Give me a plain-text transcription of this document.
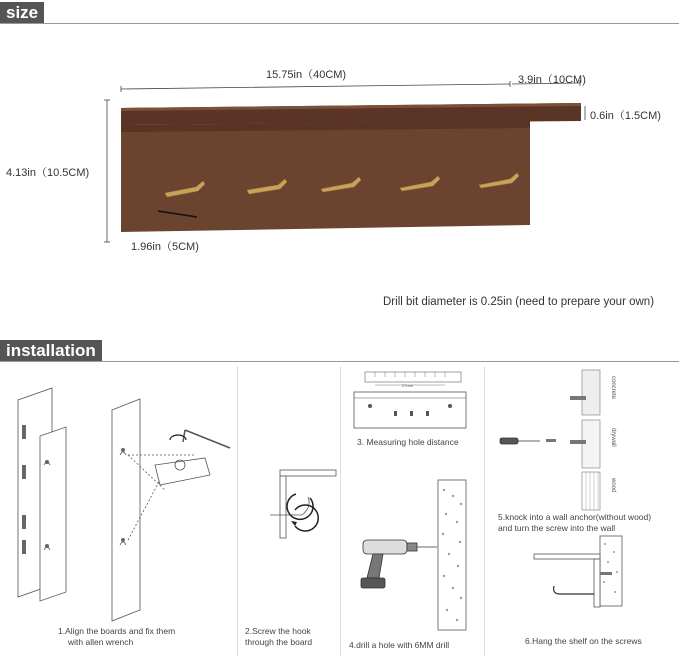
size
15.75in（40CM)	3.9in（10CM)
0.6in（1.5CM)
4.13in（10.5CM)
1.96in（5CM)
Drill bit diameter is 0.25in (need to prepare your own)
installation
1.Align the boards and fix them
with allen wrench
2.Screw the hook
through the board
27mm
3. Measuring hole distance
4.drill a hole with 6MM drill
concrete
drywall
wood
5.knock into a wall anchor(without wood)
and turn the screw into the wall
6.Hang the shelf on the screws
